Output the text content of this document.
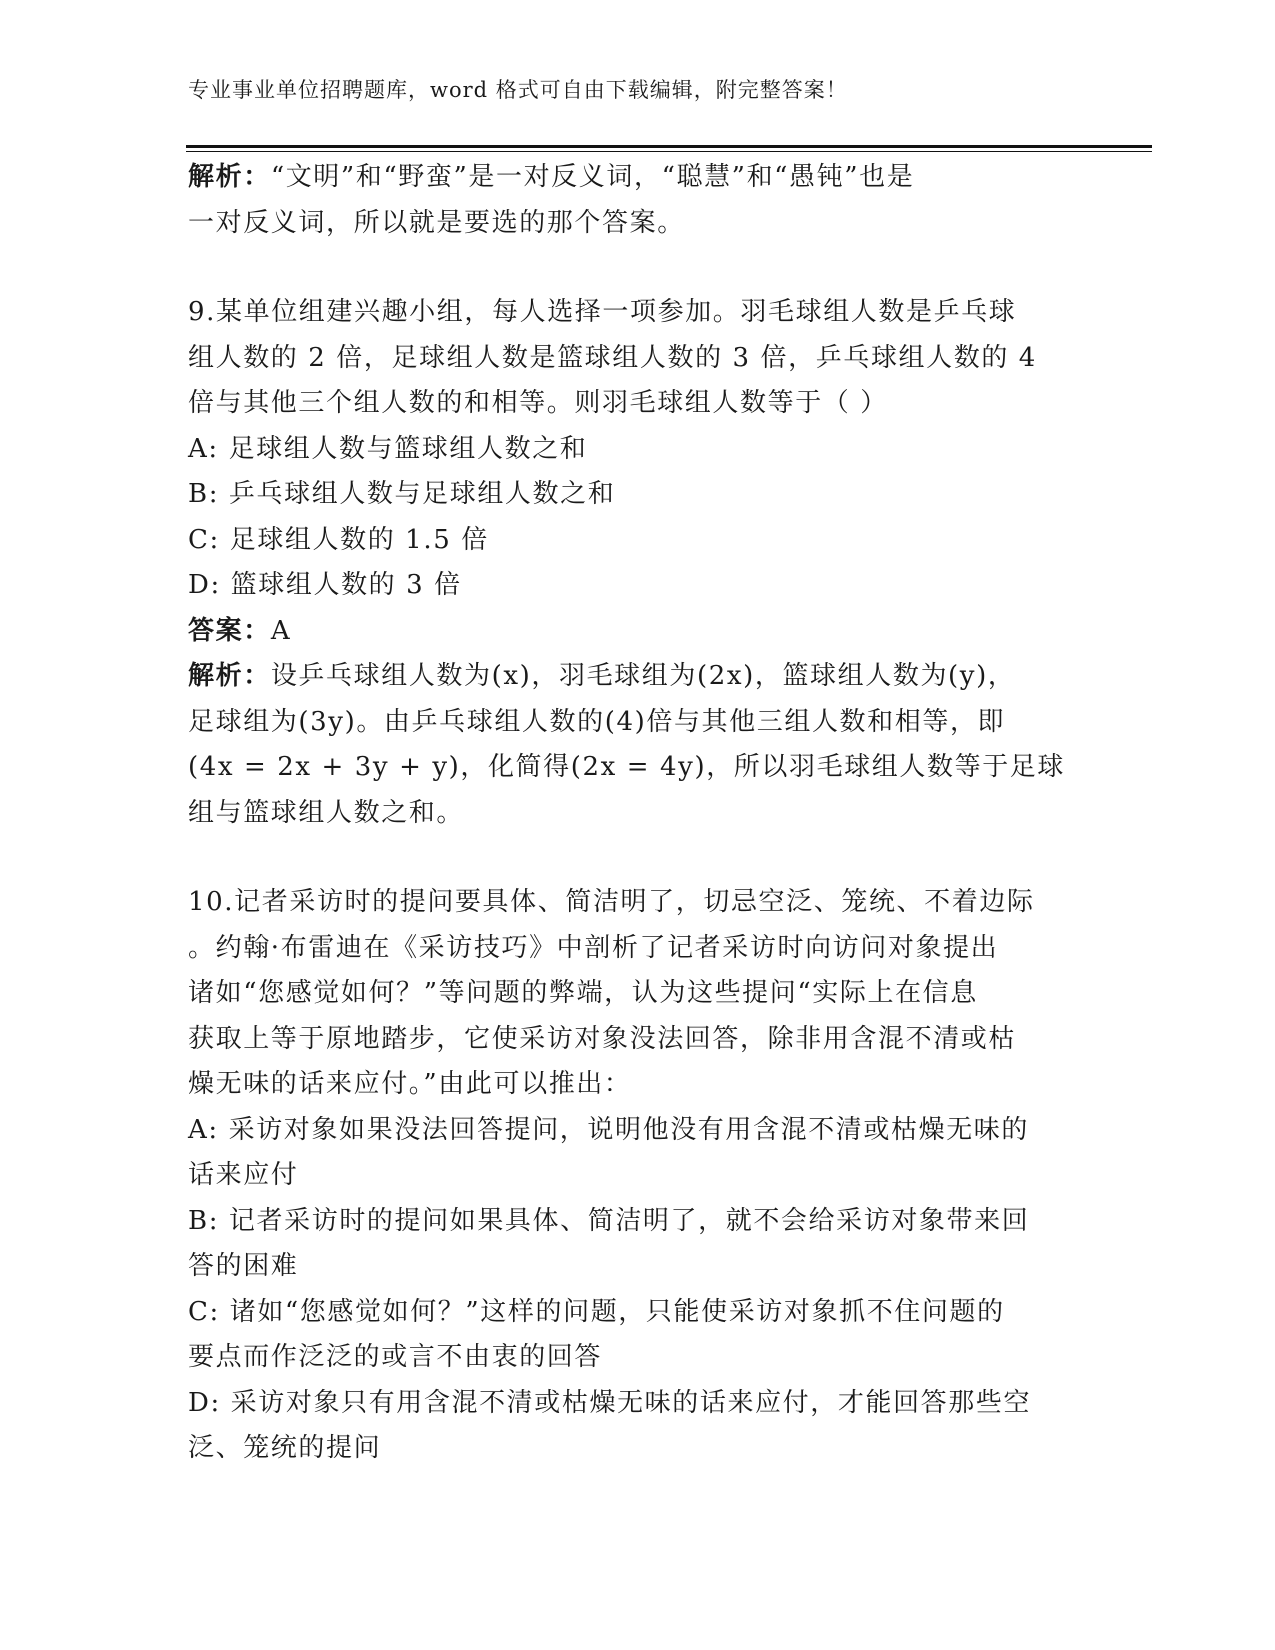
专业事业单位招聘题库，word 格式可自由下载编辑，附完整答案！
解析：“文明”和“野蛮”是一对反义词，“聪慧”和“愚钝”也是
一对反义词，所以就是要选的那个答案。
9.某单位组建兴趣小组，每人选择一项参加。羽毛球组人数是乒乓球
组人数的 2 倍，足球组人数是篮球组人数的 3 倍，乒乓球组人数的 4
倍与其他三个组人数的和相等。则羽毛球组人数等于（ ）
A: 足球组人数与篮球组人数之和
B: 乒乓球组人数与足球组人数之和
C: 足球组人数的 1.5 倍
D: 篮球组人数的 3 倍
答案：A
解析：设乒乓球组人数为(x)，羽毛球组为(2x)，篮球组人数为(y)，
足球组为(3y)。由乒乓球组人数的(4)倍与其他三组人数和相等，即
(4x = 2x + 3y + y)，化简得(2x = 4y)，所以羽毛球组人数等于足球
组与篮球组人数之和。
10.记者采访时的提问要具体、简洁明了，切忌空泛、笼统、不着边际
。约翰·布雷迪在《采访技巧》中剖析了记者采访时向访问对象提出
诸如“您感觉如何？”等问题的弊端，认为这些提问“实际上在信息
获取上等于原地踏步，它使采访对象没法回答，除非用含混不清或枯
燥无味的话来应付。”由此可以推出：
A: 采访对象如果没法回答提问，说明他没有用含混不清或枯燥无味的
话来应付
B: 记者采访时的提问如果具体、简洁明了，就不会给采访对象带来回
答的困难
C: 诸如“您感觉如何？”这样的问题，只能使采访对象抓不住问题的
要点而作泛泛的或言不由衷的回答
D: 采访对象只有用含混不清或枯燥无味的话来应付，才能回答那些空
泛、笼统的提问
